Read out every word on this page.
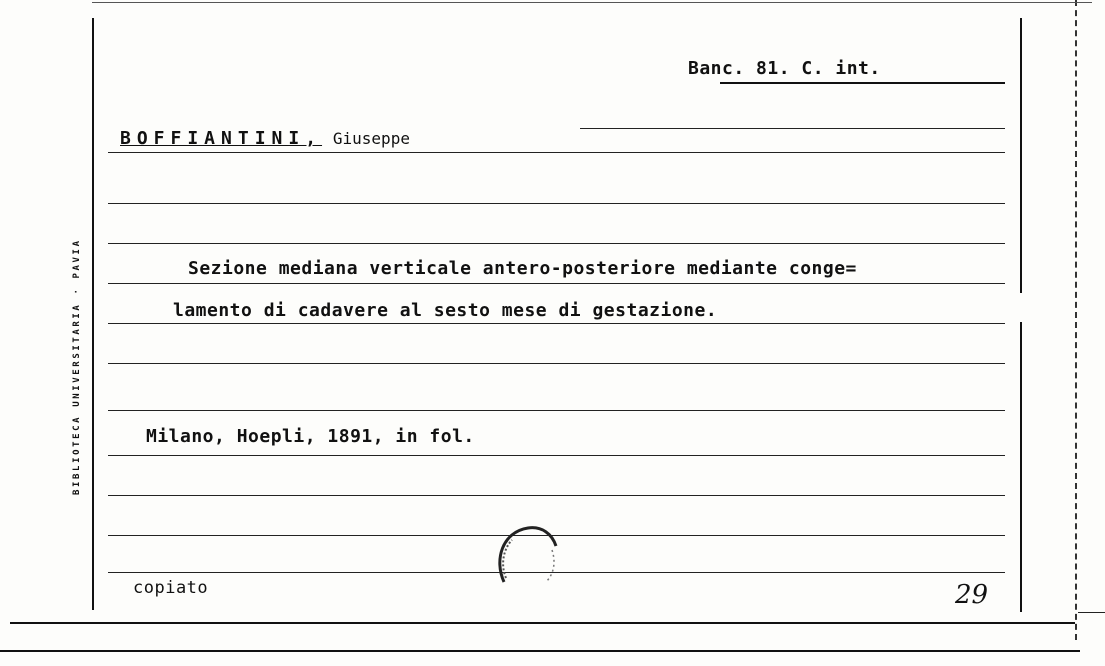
BIBLIOTECA UNIVERSITARIA · PAVIA
Banc. 81. C. int.
BOFFIANTINI, Giuseppe
Sezione mediana verticale antero-posteriore mediante conge=
lamento di cadavere al sesto mese di gestazione.
Milano, Hoepli, 1891, in fol.
copiato	29
